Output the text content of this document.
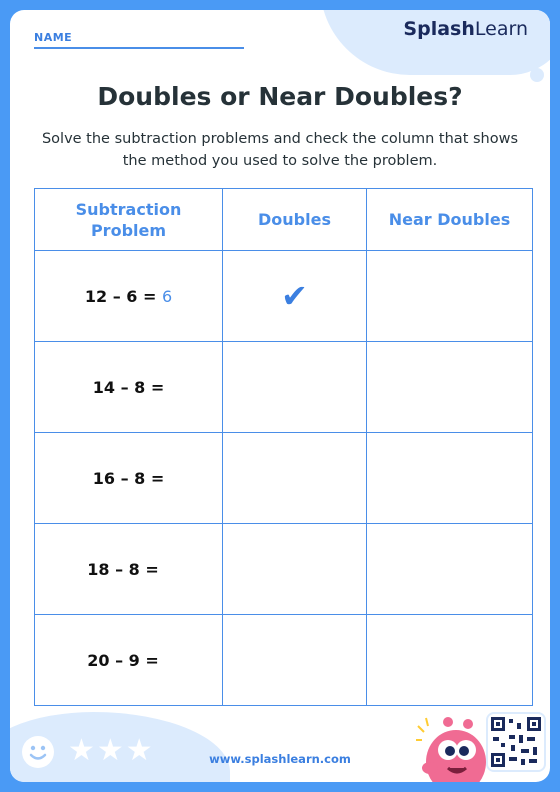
NAME	SplashLearn
Doubles or Near Doubles?
Solve the subtraction problems and check the column that shows the method you used to solve the problem.
Subtraction Problem	Doubles	Near Doubles
12 – 6 = 6	✔	
14 – 8 =		
16 – 8 =		
18 – 8 =		
20 – 9 =		
★★★	www.splashlearn.com
